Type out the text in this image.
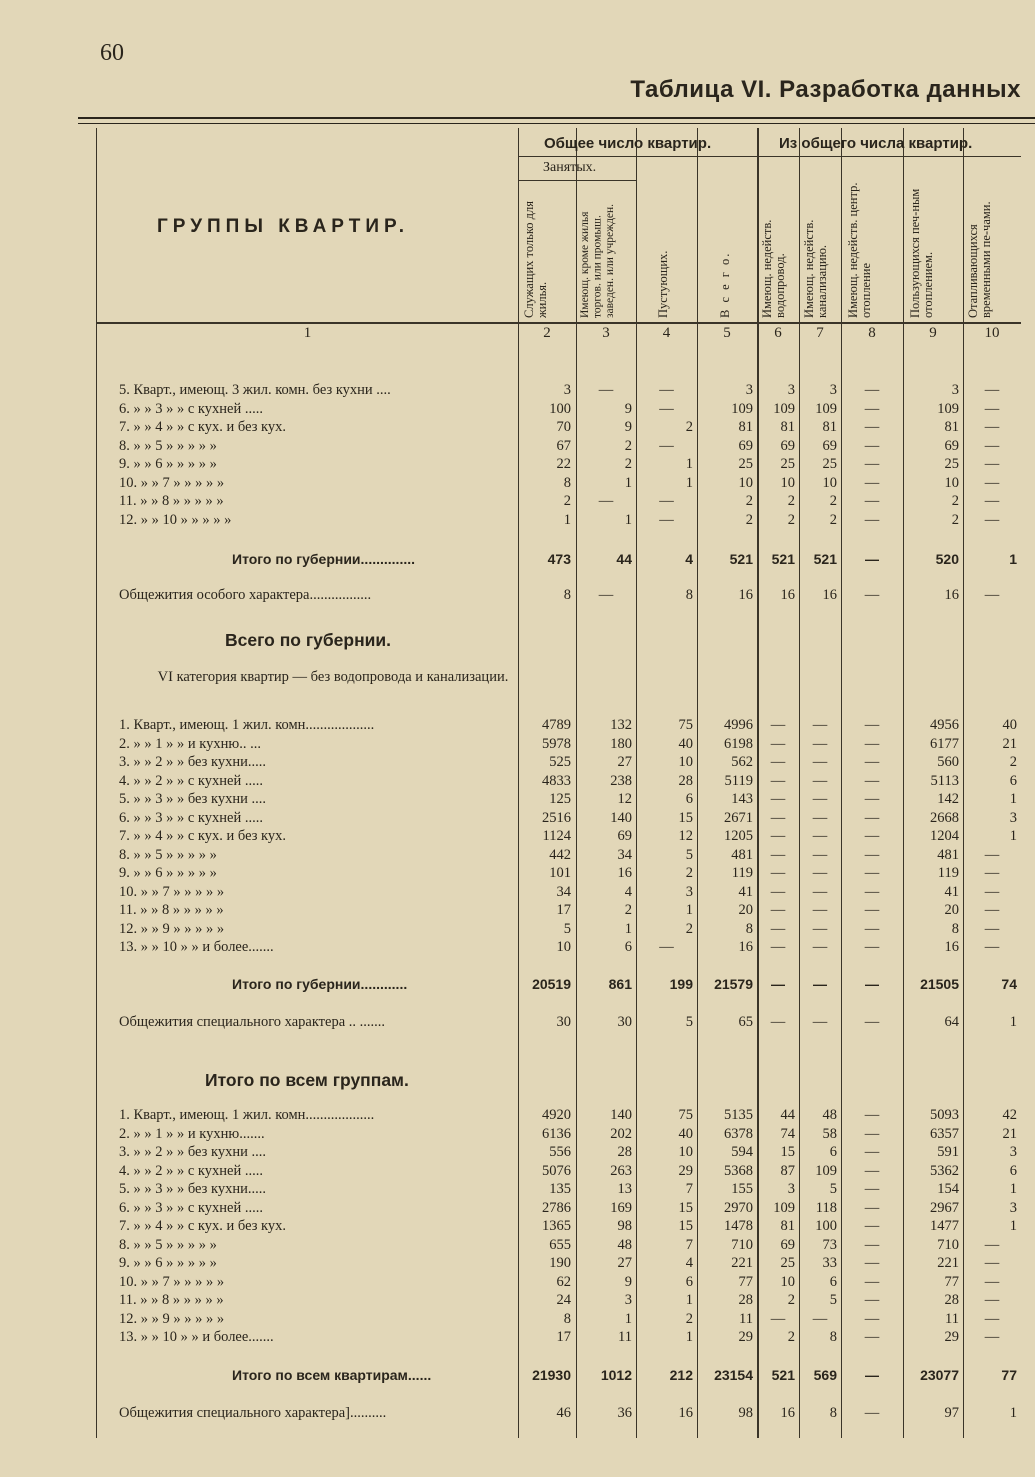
60
Таблица VI. Разработка данных
ГРУППЫ КВАРТИР.
Общее число квартир.	Из общего числа квартир.
Занятых.
Служащих только для жилья.	Имеющ. кроме жилья торгов. или промыш. заведен. или учрежден.	Пустующих.	В с е г о.	Имеющ. недейств. водопровод.	Имеющ. недейств. канализацию.	Имеющ. недейств. центр. отопление	Пользующихся печ-ным отоплением.	Отапливающихся временными пе-чами.
1	2	3	4	5	6	7	8	9	10
5. Кварт., имеющ. 3 жил. комн. без кухни ....	3	—	—	3	3	3	—	3	—
6. » » 3 » » с кухней .....	100	9	—	109	109	109	—	109	—
7. » » 4 » » с кух. и без кух.	70	9	2	81	81	81	—	81	—
8. » » 5 » » » » »	67	2	—	69	69	69	—	69	—
9. » » 6 » » » » »	22	2	1	25	25	25	—	25	—
10. » » 7 » » » » »	8	1	1	10	10	10	—	10	—
11. » » 8 » » » » »	2	—	—	2	2	2	—	2	—
12. » » 10 » » » » »	1	1	—	2	2	2	—	2	—
Итого по губернии..............	473	44	4	521	521	521	—	520	1
Общежития особого характера.................	8	—	8	16	16	16	—	16	—
Всего по губернии.
VI категория квартир — без водопровода и канализации.
1. Кварт., имеющ. 1 жил. комн...................	4789	132	75	4996	—	—	—	4956	40
2. » » 1 » » и кухню.. ...	5978	180	40	6198	—	—	—	6177	21
3. » » 2 » » без кухни.....	525	27	10	562	—	—	—	560	2
4. » » 2 » » с кухней .....	4833	238	28	5119	—	—	—	5113	6
5. » » 3 » » без кухни ....	125	12	6	143	—	—	—	142	1
6. » » 3 » » с кухней .....	2516	140	15	2671	—	—	—	2668	3
7. » » 4 » » с кух. и без кух.	1124	69	12	1205	—	—	—	1204	1
8. » » 5 » » » » »	442	34	5	481	—	—	—	481	—
9. » » 6 » » » » »	101	16	2	119	—	—	—	119	—
10. » » 7 » » » » »	34	4	3	41	—	—	—	41	—
11. » » 8 » » » » »	17	2	1	20	—	—	—	20	—
12. » » 9 » » » » »	5	1	2	8	—	—	—	8	—
13. » » 10 » » и более.......	10	6	—	16	—	—	—	16	—
Итого по губернии............	20519	861	199	21579	—	—	—	21505	74
Общежития специального характера .. .......	30	30	5	65	—	—	—	64	1
Итого по всем группам.
1. Кварт., имеющ. 1 жил. комн...................	4920	140	75	5135	44	48	—	5093	42
2. » » 1 » » и кухню.......	6136	202	40	6378	74	58	—	6357	21
3. » » 2 » » без кухни ....	556	28	10	594	15	6	—	591	3
4. » » 2 » » с кухней .....	5076	263	29	5368	87	109	—	5362	6
5. » » 3 » » без кухни.....	135	13	7	155	3	5	—	154	1
6. » » 3 » » с кухней .....	2786	169	15	2970	109	118	—	2967	3
7. » » 4 » » с кух. и без кух.	1365	98	15	1478	81	100	—	1477	1
8. » » 5 » » » » »	655	48	7	710	69	73	—	710	—
9. » » 6 » » » » »	190	27	4	221	25	33	—	221	—
10. » » 7 » » » » »	62	9	6	77	10	6	—	77	—
11. » » 8 » » » » »	24	3	1	28	2	5	—	28	—
12. » » 9 » » » » »	8	1	2	11	—	—	—	11	—
13. » » 10 » » и более.......	17	11	1	29	2	8	—	29	—
Итого по всем квартирам......	21930	1012	212	23154	521	569	—	23077	77
Общежития специального характера]..........	46	36	16	98	16	8	—	97	1
